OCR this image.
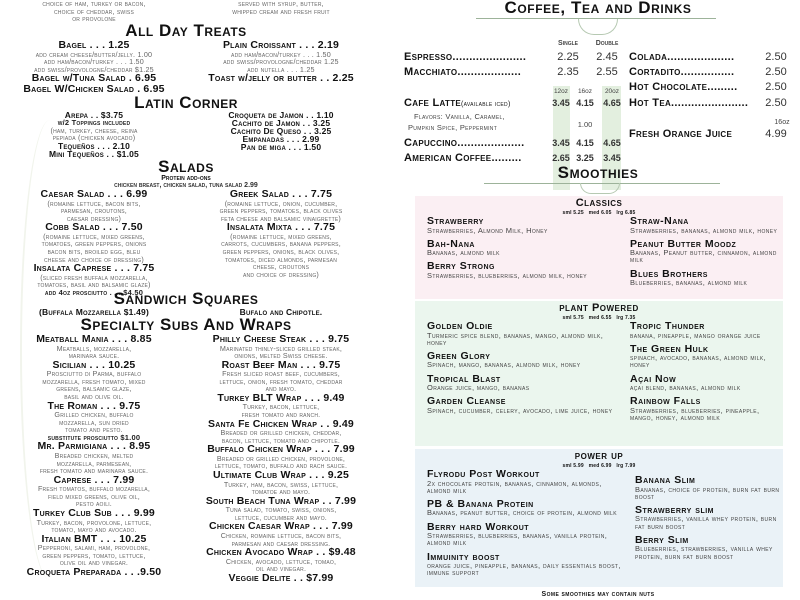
choice of ham, turkey or bacon,
choice of cheddar, swiss
or provolone
served with syrup, butter,
whipped cream and fresh fruit
All Day Treats
Bagel . . . 1.25
add cream cheese/butter/jelly. 1.00
add ham/bacon/turkey . . . 1.50
add swiss/provologne/cheddar $1.25
Bagel w/Tuna Salad . 6.95
Bagel W/Chicken Salad . 6.95
Plain Croissant . . . 2.19
add ham/bacon/turkey . . . 1.50
add swiss/provologne/cheddar 1.25
add nutella . . . 1.25
Toast w/jelly or butter . . 2.25
Latin Corner
Arepa . . $3.75
w/2 Toppings included
(ham, turkey, cheese, reina
pepiada (chicken avocado)
Tequeños . . . 2.10
Mini Tequeños . . $1.05
Croqueta de Jamon . . 1.10
Cachito de Jamon . . 3.25
Cachito De Queso . . 3.25
Empanadas . . . 2.99
Pan de miga . . . 1.50
Salads
Protein add-ons
chicken breast, chicken salad, tuna salad 2.99
Caesar Salad . . . 6.99
(romaine lettuce, bacon bits,
parmesan, croutons,
caesar dressing)
Cobb Salad . . . 7.50
(romaine lettuce, mixed greens,
tomatoes, green peppers, onions
bacon bits, broiled egg, bleu
cheese and choice of dressing)
Insalata Caprese . . . 7.75
(sliced fresh buffala mozzarella,
tomatoes, basil and balsamic glaze)
add 4oz prosciutto . . . $4.50
Greek Salad . . . 7.75
(romaine lettuce, onion, cucumber,
green peppers, tomatoes, black olives
feta cheese and balsamic vinaigrette)
Insalata Mixta . . . 7.75
(romaine lettuce, mixed greens,
carrots, cucumbers, banana peppers,
green peppers, onions, black olives,
tomatoes, diced almonds, parmesan
cheese, croutons
and choice of dressing)
Sandwich Squares
(Buffala Mozzarella $1.49)	Bufalo and Chipotle.
Specialty Subs And Wraps
Meatball Mania . . . 8.85
Meatballs, mozzarella,
marinara sauce.
Sicilian . . . 10.25
Prosciutto di Parma, buffalo
mozzarella, fresh tomato, mixed
greens, balsamic glaze,
basil and olive oil.
The Roman . . . 9.75
Grilled chicken, buffalo
mozzarella, sun dried
tomato and pesto.
substitute prosciutto $1.00
Mr. Parmigiana . . . 8.95
Breaded chicken, melted
mozzarella, parmesean,
fresh tomato and marinara sauce.
Caprese . . . 7.99
Fresh tomatos, buffalo mozarella,
field mixed greens, olive oil,
pesto aoili.
Turkey Club Sub . . . 9.99
Turkey, bacon, provolone, lettuce,
tomato, mayo and avocado.
Italian BMT . . . 10.25
Pepperoni, salami, ham, provolone,
green peppers, tomato, lettuce,
olive oil and vinegar.
Croqueta Preparada . . .9.50
Philly Cheese Steak . . . 9.75
Marinated thinly-sliced grilled steak,
onions, melted Swiss cheese.
Roast Beef Man . . . 9.75
Fresh sliced roast beef, cucumbers,
lettuce, onion, fresh tomato, cheddar
and mayo.
Turkey BLT Wrap . . . 9.49
Turkey, bacon, lettuce,
fresh tomato and ranch.
Santa Fe Chicken Wrap . . 9.49
Breaded or grilled chicken, cheddar,
bacon, lettuce, tomato and chipotle.
Buffalo Chicken Wrap . . . 7.99
Breaded or grilled chicken, provolone,
lettuce, tomato, buffalo and rach sauce.
Ultimate Club Wrap . . . 9.25
Turkey, ham, bacon, swiss, lettuce,
tomatoe and mayo.
South Beach Tuna Wrap . . 7.99
Tuna salad, tomato, swiss, onions,
lettuce, cucumber and mayo.
Chicken Caesar Wrap . . . 7.99
Chicken, romaine lettuce, bacon bits,
parmesan and caesar dressing.
Chicken Avocado Wrap . . $9.48
Chicken, avocado, lettuce, tomao,
oil and vinegar.
Veggie Delite . . $7.99
Coffee, Tea and Drinks
Single	Double
12oz 16oz 20oz
Espresso......................	2.25 2.45
Macchiato...................	2.35 2.55
Cafe Latte(available iced)	3.45 4.15 4.65
Capuccino....................	3.45 4.15 4.65
American Coffee.........	2.65 3.25 3.45
Flavors: Vanilla, Caramel,
Pumpkin Spice, Peppermint	1.00
Colada....................	2.50
Cortadito................	2.50
Hot Chocolate.........	2.50
Hot Tea....................... 2.50
16oz
Fresh Orange Juice	4.99
Smoothies
Classics
sml 5.25   med 6.05   lrg 6.85
Strawberry
Strawberries, Almond Milk, Honey
Bah-Nana
Bananas, almond milk
Berry Strong
Strawberries, blueberries, almond milk, honey
Straw-Nana
Strawberries, bananas, almond milk, honey
Peanut Butter Moodz
Bananas, Peanut butter, cinnamon, almond milk
Blues Brothers
Blueberries, bananas, almond milk
plant Powered
sml 5.75   med 6.55   lrg 7.35
Golden Oldie
Turmeric spice blend, bananas, mango, almond milk, honey
Green Glory
Spinach, mango, bananas, almond milk, honey
Tropical Blast
Orange juice, mango, bananas
Garden Cleanse
Spinach, cucumber, celery, avocado, lime juice, honey
Tropic Thunder
banana, pineapple, mango orange juice
The Green Hulk
spinach, avocado, bananas, almond milk, honey
Açai Now
açai blend, bananas, almond milk
Rainbow Falls
Strawberries, blueberries, pineapple, mango, honey, almond milk
power up
sml 5.99   med 6.99   lrg 7.99
Flyrodu Post Workout
2x chocolate protein, bananas, cinnamon, almonds, almond milk
PB & Banana Protein
Bananas, peanut butter, choice of protein, almond milk
Berry hard Workout
Strawberries, blueberries, bananas, vanilla protein, almond milk
Immuinity boost
orange juice, pineapple, bananas, daily essentials boost, immune support
Banana Slim
Bananas, choice of protein, burn fat burn boost
Strawberry slim
Strawberries, vanilla whey protein, burn fat burn boost
Berry Slim
Blueberries, strawberries, vanilla whey protein, burn fat burn boost
Some smoothies may contain nuts
